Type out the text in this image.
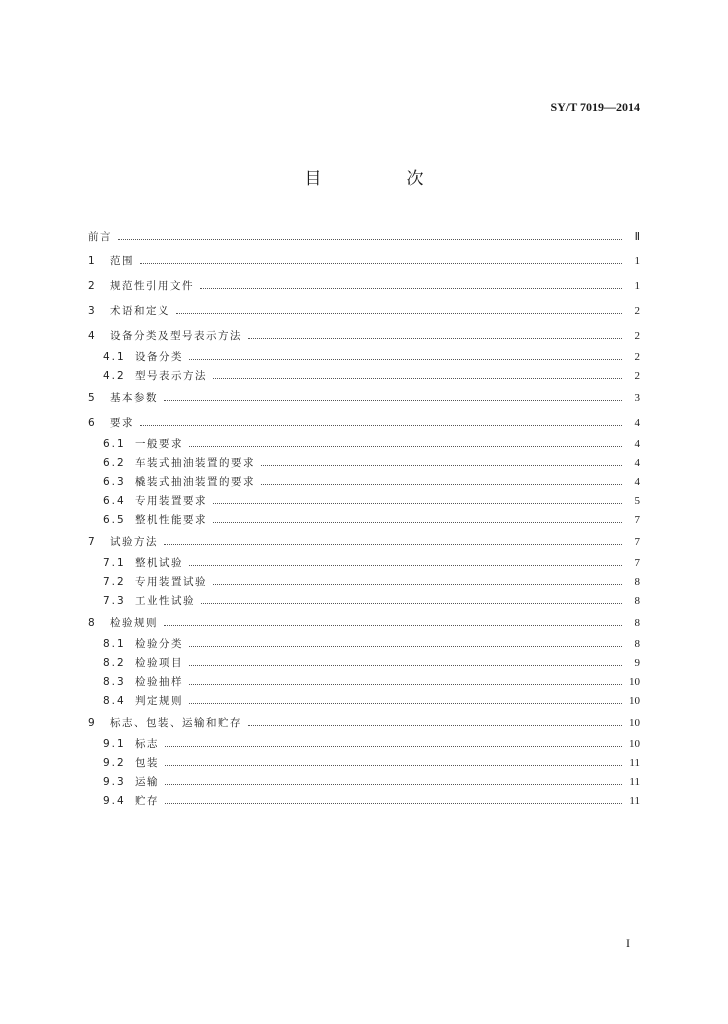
SY/T 7019—2014
目　次
前言	Ⅱ
1	范围	1
2	规范性引用文件	1
3	术语和定义	2
4	设备分类及型号表示方法	2
4.1 设备分类	2
4.2 型号表示方法	2
5	基本参数	3
6	要求	4
6.1 一般要求	4
6.2 车装式抽油装置的要求	4
6.3 橇装式抽油装置的要求	4
6.4 专用装置要求	5
6.5 整机性能要求	7
7	试验方法	7
7.1 整机试验	7
7.2 专用装置试验	8
7.3 工业性试验	8
8	检验规则	8
8.1 检验分类	8
8.2 检验项目	9
8.3 检验抽样	10
8.4 判定规则	10
9	标志、包装、运输和贮存	10
9.1 标志	10
9.2 包装	11
9.3 运输	11
9.4 贮存	11
I
